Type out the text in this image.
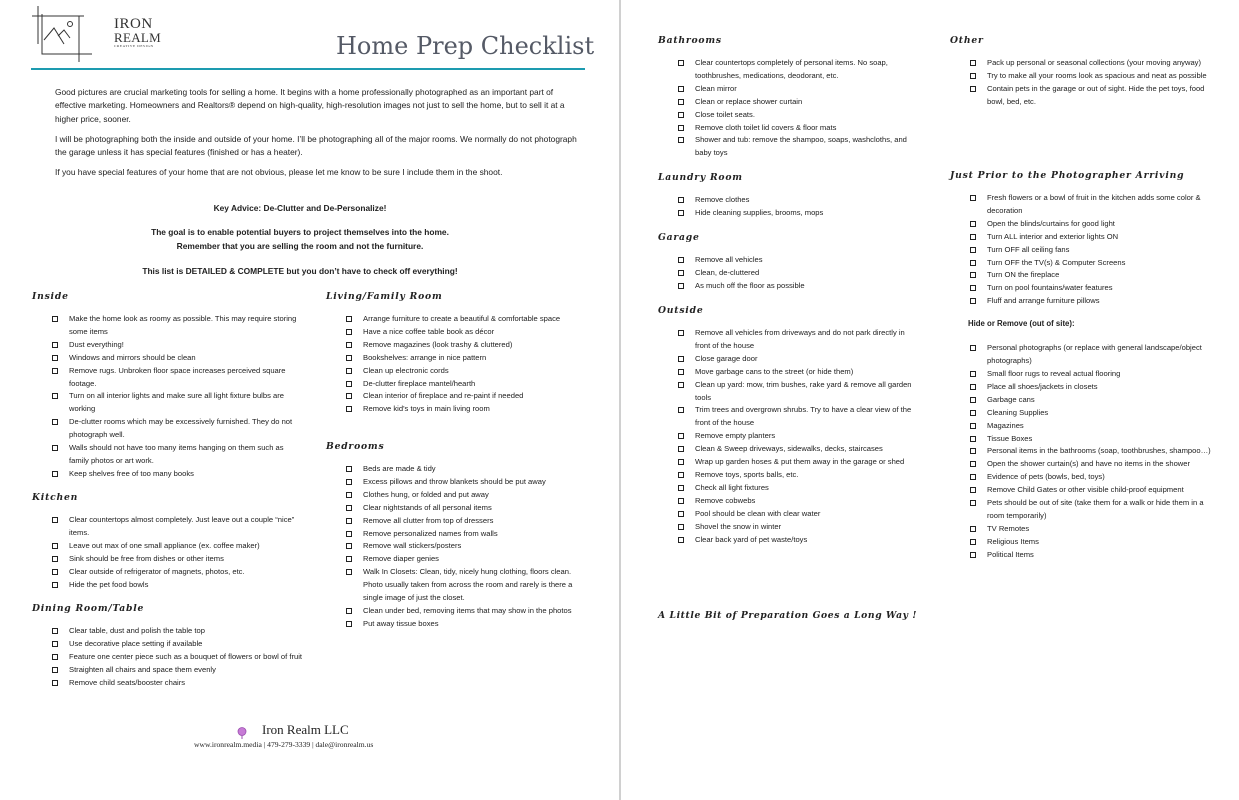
IRON
REALM
CREATIVE DESIGN	Home Prep Checklist

Good pictures are crucial marketing tools for selling a home. It begins with a home professionally photographed as an important part of effective marketing. Homeowners and Realtors® depend on high-quality, high-resolution images not just to sell the home, but to sell it at a higher price, sooner.

I will be photographing both the inside and outside of your home. I’ll be photographing all of the major rooms. We normally do not photograph the garage unless it has special features (finished or has a heater).

If you have special features of your home that are not obvious, please let me know to be sure I include them in the shoot.

Key Advice: De-Clutter and De-Personalize!
The goal is to enable potential buyers to project themselves into the home.
Remember that you are selling the room and not the furniture.
This list is DETAILED & COMPLETE but you don’t have to check off everything!
Inside
Make the home look as roomy as possible. This may require storing some items
Dust everything!
Windows and mirrors should be clean
Remove rugs. Unbroken floor space increases perceived square footage.
Turn on all interior lights and make sure all light fixture bulbs are working
De-clutter rooms which may be excessively furnished. They do not photograph well.
Walls should not have too many items hanging on them such as family photos or art work.
Keep shelves free of too many books
Kitchen
Clear countertops almost completely. Just leave out a couple “nice” items.
Leave out max of one small appliance (ex. coffee maker)
Sink should be free from dishes or other items
Clear outside of refrigerator of magnets, photos, etc.
Hide the pet food bowls
Dining Room/Table
Clear table, dust and polish the table top
Use decorative place setting if available
Feature one center piece such as a bouquet of flowers or bowl of fruit
Straighten all chairs and space them evenly
Remove child seats/booster chairs
Living/Family Room
Arrange furniture to create a beautiful & comfortable space
Have a nice coffee table book as décor
Remove magazines (look trashy & cluttered)
Bookshelves: arrange in nice pattern
Clean up electronic cords
De-clutter fireplace mantel/hearth
Clean interior of fireplace and re-paint if needed
Remove kid's toys in main living room
Bedrooms
Beds are made & tidy
Excess pillows and throw blankets should be put away
Clothes hung, or folded and put away
Clear nightstands of all personal items
Remove all clutter from top of dressers
Remove personalized names from walls
Remove wall stickers/posters
Remove diaper genies
Walk In Closets: Clean, tidy, nicely hung clothing, floors clean. Photo usually taken from across the room and rarely is there a single image of just the closet.
Clean under bed, removing items that may show in the photos
Put away tissue boxes
Iron Realm LLC
www.ironrealm.media | 479-279-3339 | dale@ironrealm.us
Bathrooms
Clear countertops completely of personal items. No soap, toothbrushes, medications, deodorant, etc.
Clean mirror
Clean or replace shower curtain
Close toilet seats.
Remove cloth toilet lid covers & floor mats
Shower and tub: remove the shampoo, soaps, washcloths, and baby toys
Laundry Room
Remove clothes
Hide cleaning supplies, brooms, mops
Garage
Remove all vehicles
Clean, de-cluttered
As much off the floor as possible
Outside
Remove all vehicles from driveways and do not park directly in front of the house
Close garage door
Move garbage cans to the street (or hide them)
Clean up yard: mow, trim bushes, rake yard & remove all garden tools
Trim trees and overgrown shrubs. Try to have a clear view of the front of the house
Remove empty planters
Clean & Sweep driveways, sidewalks, decks, staircases
Wrap up garden hoses & put them away in the garage or shed
Remove toys, sports balls, etc.
Check all light fixtures
Remove cobwebs
Pool should be clean with clear water
Shovel the snow in winter
Clear back yard of pet waste/toys
A Little Bit of Preparation Goes a Long Way !
Other
Pack up personal or seasonal collections (your moving anyway)
Try to make all your rooms look as spacious and neat as possible
Contain pets in the garage or out of sight. Hide the pet toys, food bowl, bed, etc.
Just Prior to the Photographer Arriving
Fresh flowers or a bowl of fruit in the kitchen adds some color & decoration
Open the blinds/curtains for good light
Turn ALL interior and exterior lights ON
Turn OFF all ceiling fans
Turn OFF the TV(s) & Computer Screens
Turn ON the fireplace
Turn on pool fountains/water features
Fluff and arrange furniture pillows
Hide or Remove (out of site):
Personal photographs (or replace with general landscape/object photographs)
Small floor rugs to reveal actual flooring
Place all shoes/jackets in closets
Garbage cans
Cleaning Supplies
Magazines
Tissue Boxes
Personal items in the bathrooms (soap, toothbrushes, shampoo…)
Open the shower curtain(s) and have no items in the shower
Evidence of pets (bowls, bed, toys)
Remove Child Gates or other visible child-proof equipment
Pets should be out of site (take them for a walk or hide them in a room temporarily)
TV Remotes
Religious Items
Political Items
